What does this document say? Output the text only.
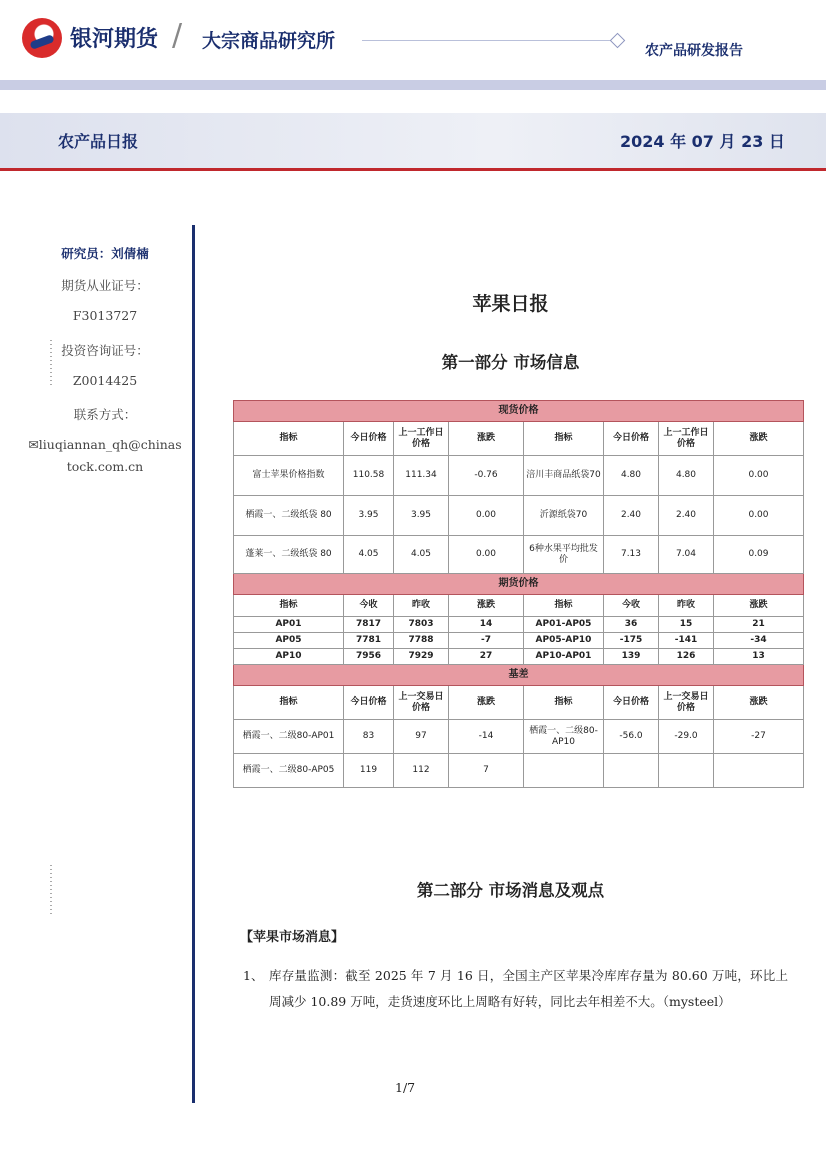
银河期货 / 大宗商品研究所	农产品研发报告
农产品日报	2024 年 07 月 23 日
研究员：刘倩楠
期货从业证号：
F3013727
投资咨询证号：
Z0014425
联系方式：
✉liuqiannan_qh@chinas
tock.com.cn
苹果日报
第一部分 市场信息
现货价格							
指标	今日价格	上一工作日价格	涨跌	指标	今日价格	上一工作日价格	涨跌
富士苹果价格指数	110.58	111.34	-0.76	涪川丰商品纸袋70	4.80	4.80	0.00
栖霞一、二级纸袋 80	3.95	3.95	0.00	沂源纸袋70	2.40	2.40	0.00
蓬莱一、二级纸袋 80	4.05	4.05	0.00	6种水果平均批发价	7.13	7.04	0.09
期货价格							
指标	今收	昨收	涨跌	指标	今收	昨收	涨跌
AP01	7817	7803	14	AP01-AP05	36	15	21
AP05	7781	7788	-7	AP05-AP10	-175	-141	-34
AP10	7956	7929	27	AP10-AP01	139	126	13
基差							
指标	今日价格	上一交易日价格	涨跌	指标	今日价格	上一交易日价格	涨跌
栖霞一、二级80-AP01	83	97	-14	栖霞一、二级80-AP10	-56.0	-29.0	-27
栖霞一、二级80-AP05	119	112	7				
第二部分 市场消息及观点
【苹果市场消息】
1、 库存量监测：截至 2025 年 7 月 16 日，全国主产区苹果冷库库存量为 80.60 万吨，环比上周减少 10.89 万吨，走货速度环比上周略有好转，同比去年相差不大。（mysteel）
1/7
